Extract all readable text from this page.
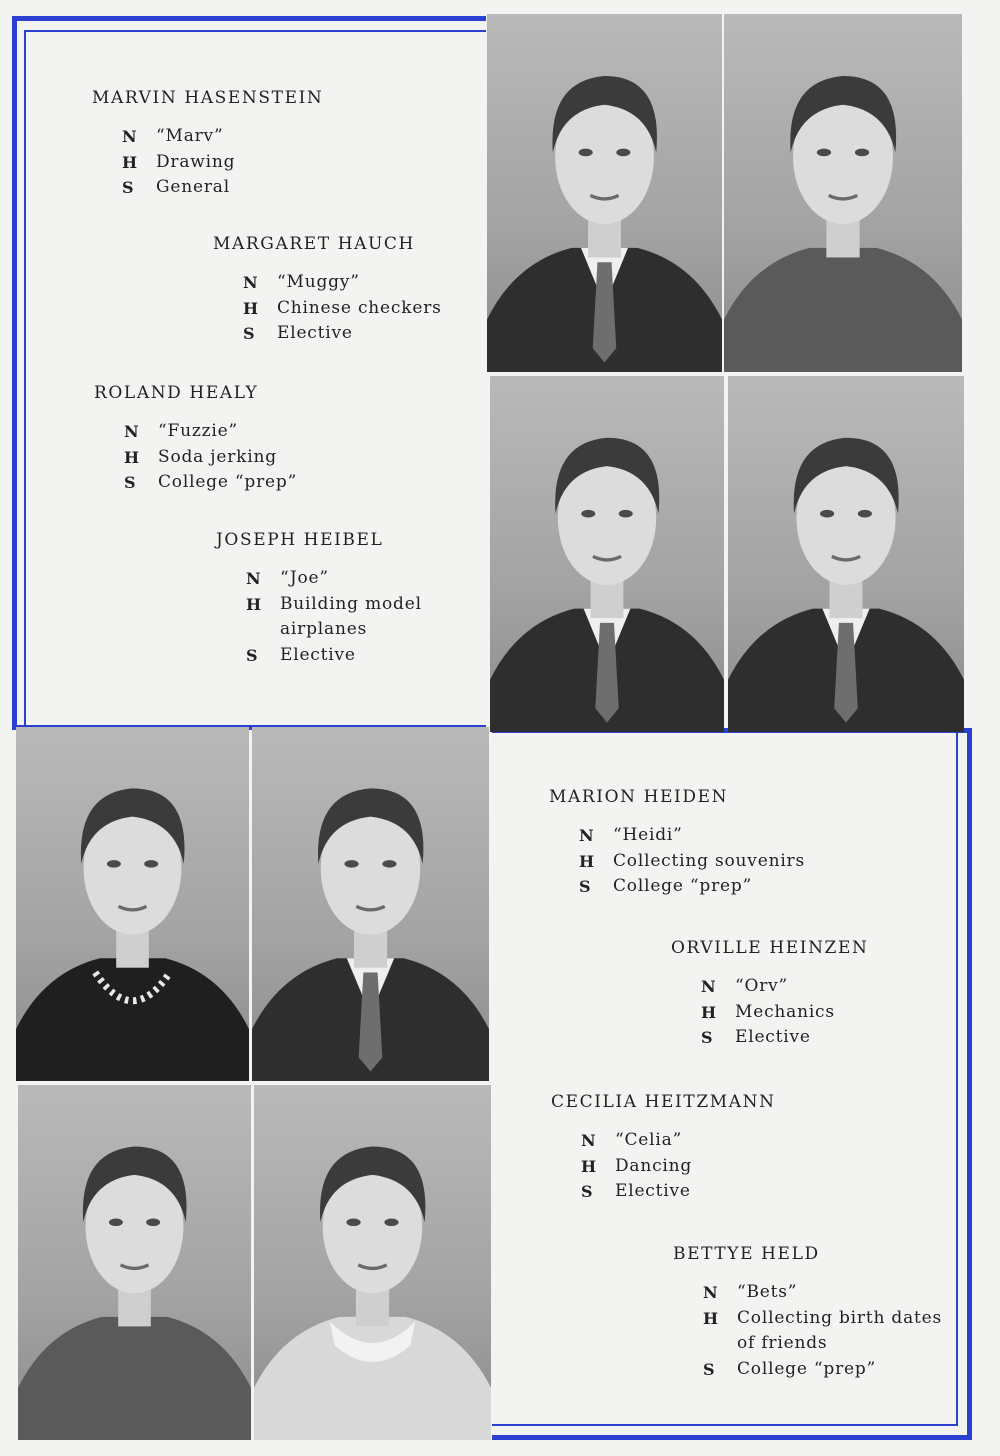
MARVIN HASENSTEIN
N	“Marv”
H	Drawing
S	General
MARGARET HAUCH
N	“Muggy”
H	Chinese checkers
S	Elective
ROLAND HEALY
N	“Fuzzie”
H	Soda jerking
S	College “prep”
JOSEPH HEIBEL
N	“Joe”
H	Building model
airplanes
S	Elective
MARION HEIDEN
N	“Heidi”
H	Collecting souvenirs
S	College “prep”
ORVILLE HEINZEN
N	“Orv”
H	Mechanics
S	Elective
CECILIA HEITZMANN
N	“Celia”
H	Dancing
S	Elective
BETTYE HELD
N	“Bets”
H	Collecting birth dates
of friends
S	College “prep”
